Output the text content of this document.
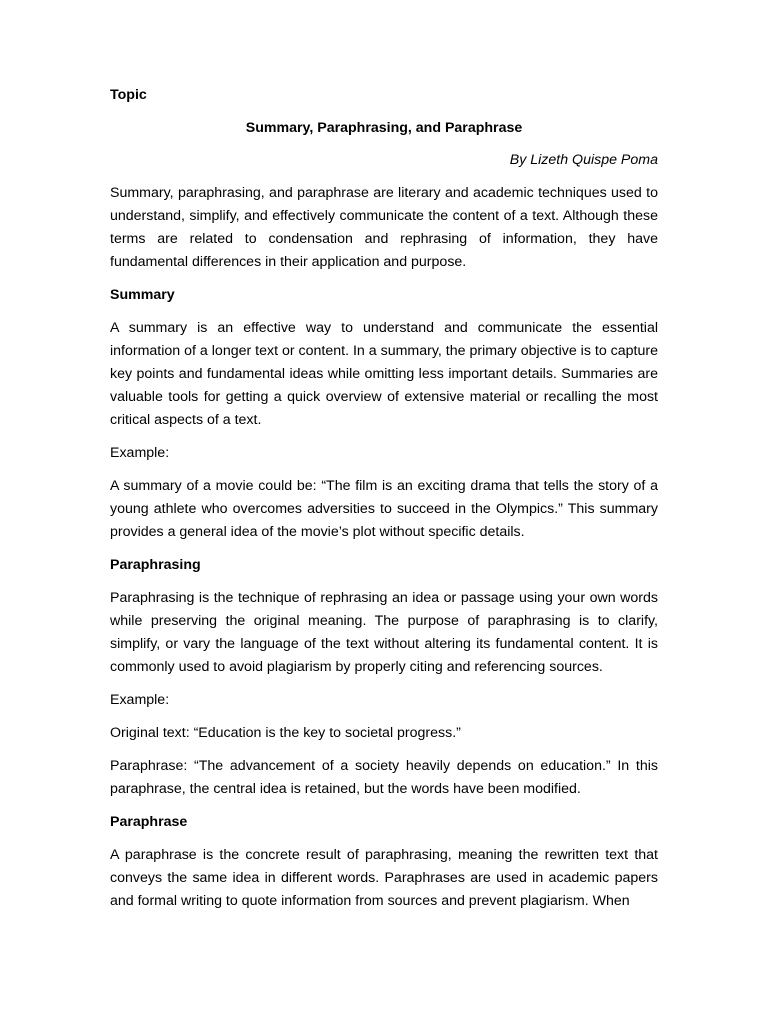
Topic
Summary, Paraphrasing, and Paraphrase
By Lizeth Quispe Poma
Summary, paraphrasing, and paraphrase are literary and academic techniques used to understand, simplify, and effectively communicate the content of a text. Although these terms are related to condensation and rephrasing of information, they have fundamental differences in their application and purpose.
Summary
A summary is an effective way to understand and communicate the essential information of a longer text or content. In a summary, the primary objective is to capture key points and fundamental ideas while omitting less important details. Summaries are valuable tools for getting a quick overview of extensive material or recalling the most critical aspects of a text.
Example:
A summary of a movie could be: “The film is an exciting drama that tells the story of a young athlete who overcomes adversities to succeed in the Olympics.” This summary provides a general idea of the movie’s plot without specific details.
Paraphrasing
Paraphrasing is the technique of rephrasing an idea or passage using your own words while preserving the original meaning. The purpose of paraphrasing is to clarify, simplify, or vary the language of the text without altering its fundamental content. It is commonly used to avoid plagiarism by properly citing and referencing sources.
Example:
Original text: “Education is the key to societal progress.”
Paraphrase: “The advancement of a society heavily depends on education.” In this paraphrase, the central idea is retained, but the words have been modified.
Paraphrase
A paraphrase is the concrete result of paraphrasing, meaning the rewritten text that conveys the same idea in different words. Paraphrases are used in academic papers and formal writing to quote information from sources and prevent plagiarism. When
